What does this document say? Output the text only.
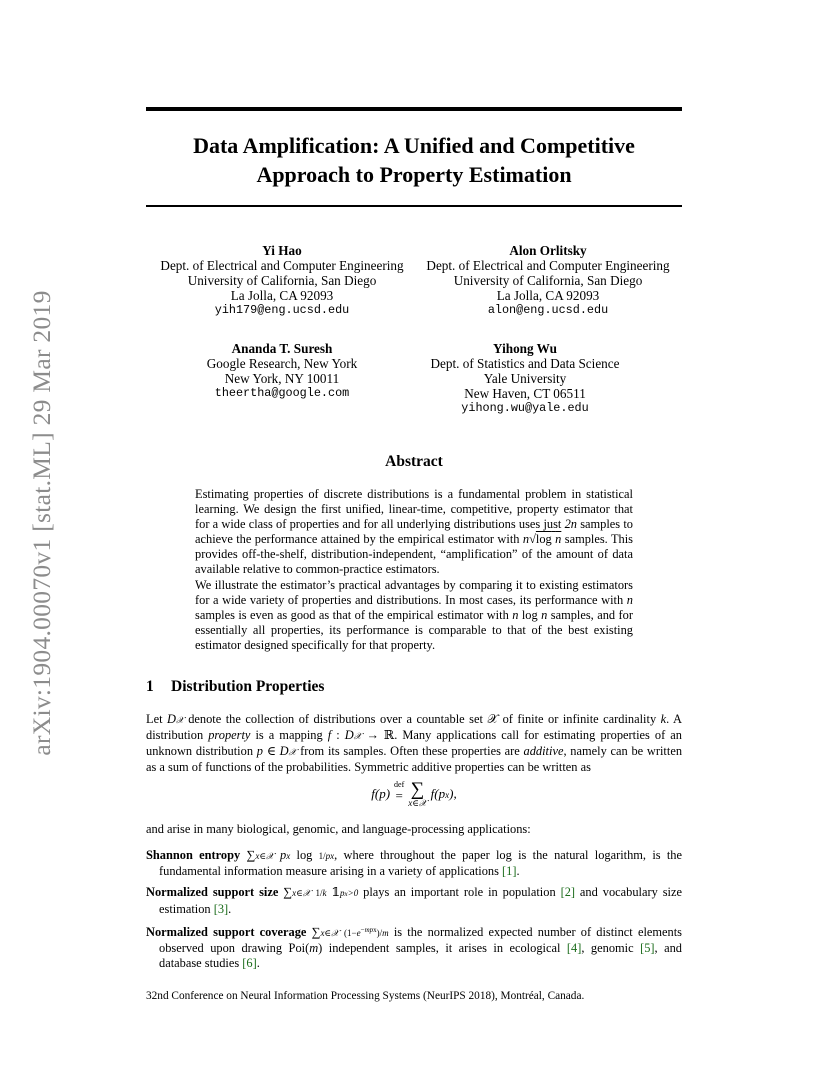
Data Amplification: A Unified and Competitive
Approach to Property Estimation
arXiv:1904.00070v1 [stat.ML] 29 Mar 2019
Yi Hao
Dept. of Electrical and Computer Engineering
University of California, San Diego
La Jolla, CA 92093
yih179@eng.ucsd.edu
Alon Orlitsky
Dept. of Electrical and Computer Engineering
University of California, San Diego
La Jolla, CA 92093
alon@eng.ucsd.edu
Ananda T. Suresh
Google Research, New York
New York, NY 10011
theertha@google.com
Yihong Wu
Dept. of Statistics and Data Science
Yale University
New Haven, CT 06511
yihong.wu@yale.edu
Abstract

Estimating properties of discrete distributions is a fundamental problem in statistical learning. We design the first unified, linear-time, competitive, property estimator that for a wide class of properties and for all underlying distributions uses just 2n samples to achieve the performance attained by the empirical estimator with n√log n samples. This provides off-the-shelf, distribution-independent, “amplification” of the amount of data available relative to common-practice estimators.

We illustrate the estimator’s practical advantages by comparing it to existing estimators for a wide variety of properties and distributions. In most cases, its performance with n samples is even as good as that of the empirical estimator with n log n samples, and for essentially all properties, its performance is comparable to that of the best existing estimator designed specifically for that property.

1 Distribution Properties

Let D𝒳 denote the collection of distributions over a countable set 𝒳 of finite or infinite cardinality k. A distribution property is a mapping f : D𝒳 → ℝ. Many applications call for estimating properties of an unknown distribution p ∈ D𝒳 from its samples. Often these properties are additive, namely can be written as a sum of functions of the probabilities. Symmetric additive properties can be written as

f(p)
def
= ∑
x∈𝒳
f(px),
and arise in many biological, genomic, and language-processing applications:
Shannon entropy ∑x∈𝒳 px log 1/px, where throughout the paper log is the natural logarithm, is the fundamental information measure arising in a variety of applications [1].
Normalized support size ∑x∈𝒳 1/k 𝟙px>0 plays an important role in population [2] and vocabulary size estimation [3].
Normalized support coverage ∑x∈𝒳 $(1-e^{-mpx})/m$ is the normalized expected number of distinct elements observed upon drawing Poi(m) independent samples, it arises in ecological [4], genomic [5], and database studies [6].
32nd Conference on Neural Information Processing Systems (NeurIPS 2018), Montréal, Canada.
